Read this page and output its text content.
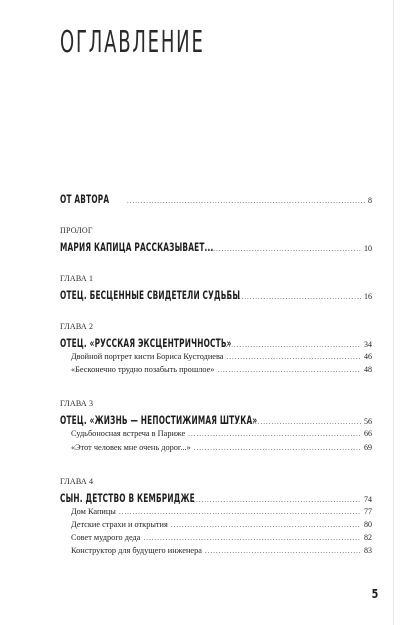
ОГЛАВЛЕНИЕ
ОТ АВТОРА .....	8
ПРОЛОГ
МАРИЯ КАПИЦА РАССКАЗЫВАЕТ... .....	10
ГЛАВА 1
ОТЕЦ. БЕСЦЕННЫЕ СВИДЕТЕЛИ СУДЬБЫ .....	16
ГЛАВА 2
ОТЕЦ. «РУССКАЯ ЭКСЦЕНТРИЧНОСТЬ» .....	34
Двойной портрет кисти Бориса Кустодиева .....	46
«Бесконечно трудно позабыть прошлое» .....	48
ГЛАВА 3
ОТЕЦ. «ЖИЗНЬ — НЕПОСТИЖИМАЯ ШТУКА» .....	56
Судьбоносная встреча в Париже .....	66
«Этот человек мне очень дорог...» .....	69
ГЛАВА 4
СЫН. ДЕТСТВО В КЕМБРИДЖЕ .....	74
Дом Капицы .....	77
Детские страхи и открытия .....	80
Совет мудрого деда .....	82
Конструктор для будущего инженера .....	83
5
